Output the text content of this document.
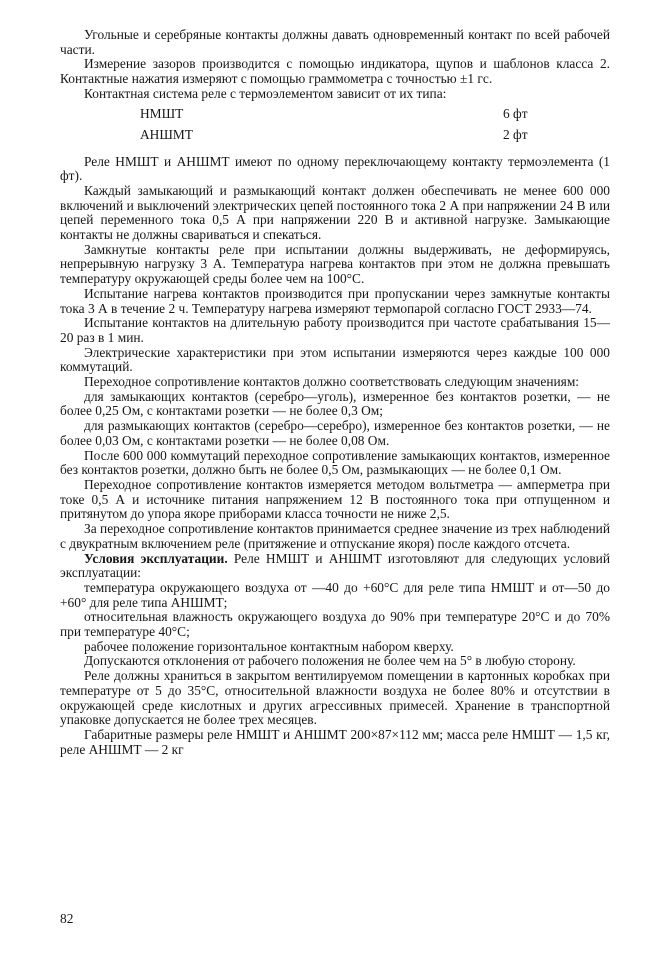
Угольные и серебряные контакты должны давать одновременный контакт по всей рабочей части.

Измерение зазоров производится с помощью индикатора, щупов и шаблонов класса 2. Контактные нажатия измеряют с помощью граммометра с точностью ±1 гс.

Контактная система реле с термоэлементом зависит от их типа:

НМШТ	6 фт
АНШМТ	2 фт

Реле НМШТ и АНШМТ имеют по одному переключающему контакту термоэлемента (1 фт).

Каждый замыкающий и размыкающий контакт должен обеспечивать не менее 600 000 включений и выключений электрических цепей постоянного тока 2 А при напряжении 24 В или цепей переменного тока 0,5 А при напряжении 220 В и активной нагрузке. Замыкающие контакты не должны свариваться и спекаться.

Замкнутые контакты реле при испытании должны выдерживать, не деформируясь, непрерывную нагрузку 3 А. Температура нагрева контактов при этом не должна превышать температуру окружающей среды более чем на 100°С.

Испытание нагрева контактов производится при пропускании через замкнутые контакты тока 3 А в течение 2 ч. Температуру нагрева измеряют термопарой согласно ГОСТ 2933—74.

Испытание контактов на длительную работу производится при частоте срабатывания 15—20 раз в 1 мин.

Электрические характеристики при этом испытании измеряются через каждые 100 000 коммутаций.

Переходное сопротивление контактов должно соответствовать следующим значениям:

для замыкающих контактов (серебро—уголь), измеренное без контактов розетки, — не более 0,25 Ом, с контактами розетки — не более 0,3 Ом;

для размыкающих контактов (серебро—серебро), измеренное без контактов розетки, — не более 0,03 Ом, с контактами розетки — не более 0,08 Ом.

После 600 000 коммутаций переходное сопротивление замыкающих контактов, измеренное без контактов розетки, должно быть не более 0,5 Ом, размыкающих — не более 0,1 Ом.

Переходное сопротивление контактов измеряется методом вольтметра — амперметра при токе 0,5 А и источнике питания напряжением 12 В постоянного тока при отпущенном и притянутом до упора якоре приборами класса точности не ниже 2,5.

За переходное сопротивление контактов принимается среднее значение из трех наблюдений с двукратным включением реле (притяжение и отпускание якоря) после каждого отсчета.

Условия эксплуатации. Реле НМШТ и АНШМТ изготовляют для следующих условий эксплуатации:

температура окружающего воздуха от —40 до +60°С для реле типа НМШТ и от—50 до +60° для реле типа АНШМТ;

относительная влажность окружающего воздуха до 90% при температуре 20°С и до 70% при температуре 40°С;

рабочее положение горизонтальное контактным набором кверху.

Допускаются отклонения от рабочего положения не более чем на 5° в любую сторону.

Реле должны храниться в закрытом вентилируемом помещении в картонных коробках при температуре от 5 до 35°С, относительной влажности воздуха не более 80% и отсутствии в окружающей среде кислотных и других агрессивных примесей. Хранение в транспортной упаковке допускается не более трех месяцев.

Габаритные размеры реле НМШТ и АНШМТ 200×87×112 мм; масса реле НМШТ — 1,5 кг, реле АНШМТ — 2 кг

82
